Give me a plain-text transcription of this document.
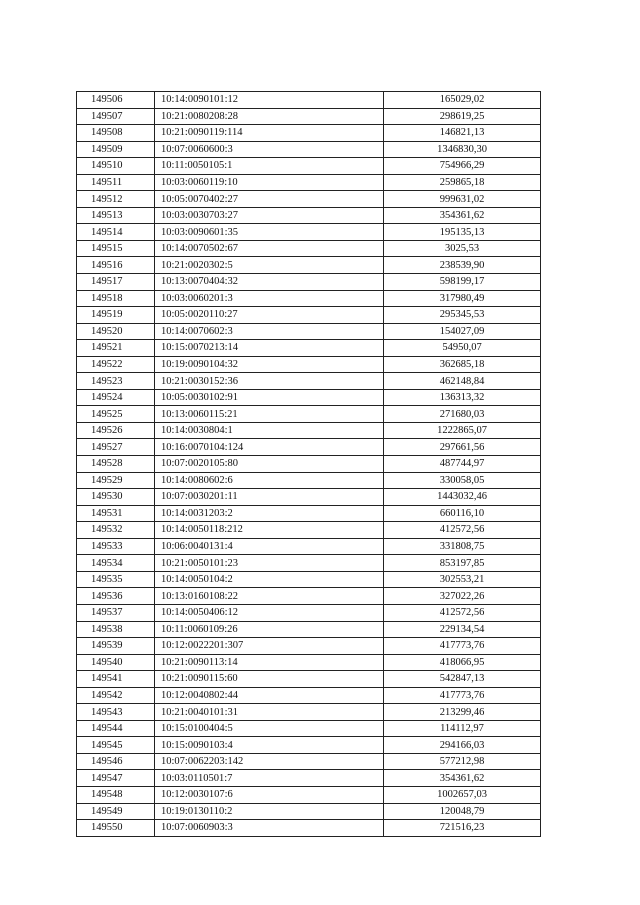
149506	10:14:0090101:12	165029,02
149507	10:21:0080208:28	298619,25
149508	10:21:0090119:114	146821,13
149509	10:07:0060600:3	1346830,30
149510	10:11:0050105:1	754966,29
149511	10:03:0060119:10	259865,18
149512	10:05:0070402:27	999631,02
149513	10:03:0030703:27	354361,62
149514	10:03:0090601:35	195135,13
149515	10:14:0070502:67	3025,53
149516	10:21:0020302:5	238539,90
149517	10:13:0070404:32	598199,17
149518	10:03:0060201:3	317980,49
149519	10:05:0020110:27	295345,53
149520	10:14:0070602:3	154027,09
149521	10:15:0070213:14	54950,07
149522	10:19:0090104:32	362685,18
149523	10:21:0030152:36	462148,84
149524	10:05:0030102:91	136313,32
149525	10:13:0060115:21	271680,03
149526	10:14:0030804:1	1222865,07
149527	10:16:0070104:124	297661,56
149528	10:07:0020105:80	487744,97
149529	10:14:0080602:6	330058,05
149530	10:07:0030201:11	1443032,46
149531	10:14:0031203:2	660116,10
149532	10:14:0050118:212	412572,56
149533	10:06:0040131:4	331808,75
149534	10:21:0050101:23	853197,85
149535	10:14:0050104:2	302553,21
149536	10:13:0160108:22	327022,26
149537	10:14:0050406:12	412572,56
149538	10:11:0060109:26	229134,54
149539	10:12:0022201:307	417773,76
149540	10:21:0090113:14	418066,95
149541	10:21:0090115:60	542847,13
149542	10:12:0040802:44	417773,76
149543	10:21:0040101:31	213299,46
149544	10:15:0100404:5	114112,97
149545	10:15:0090103:4	294166,03
149546	10:07:0062203:142	577212,98
149547	10:03:0110501:7	354361,62
149548	10:12:0030107:6	1002657,03
149549	10:19:0130110:2	120048,79
149550	10:07:0060903:3	721516,23
